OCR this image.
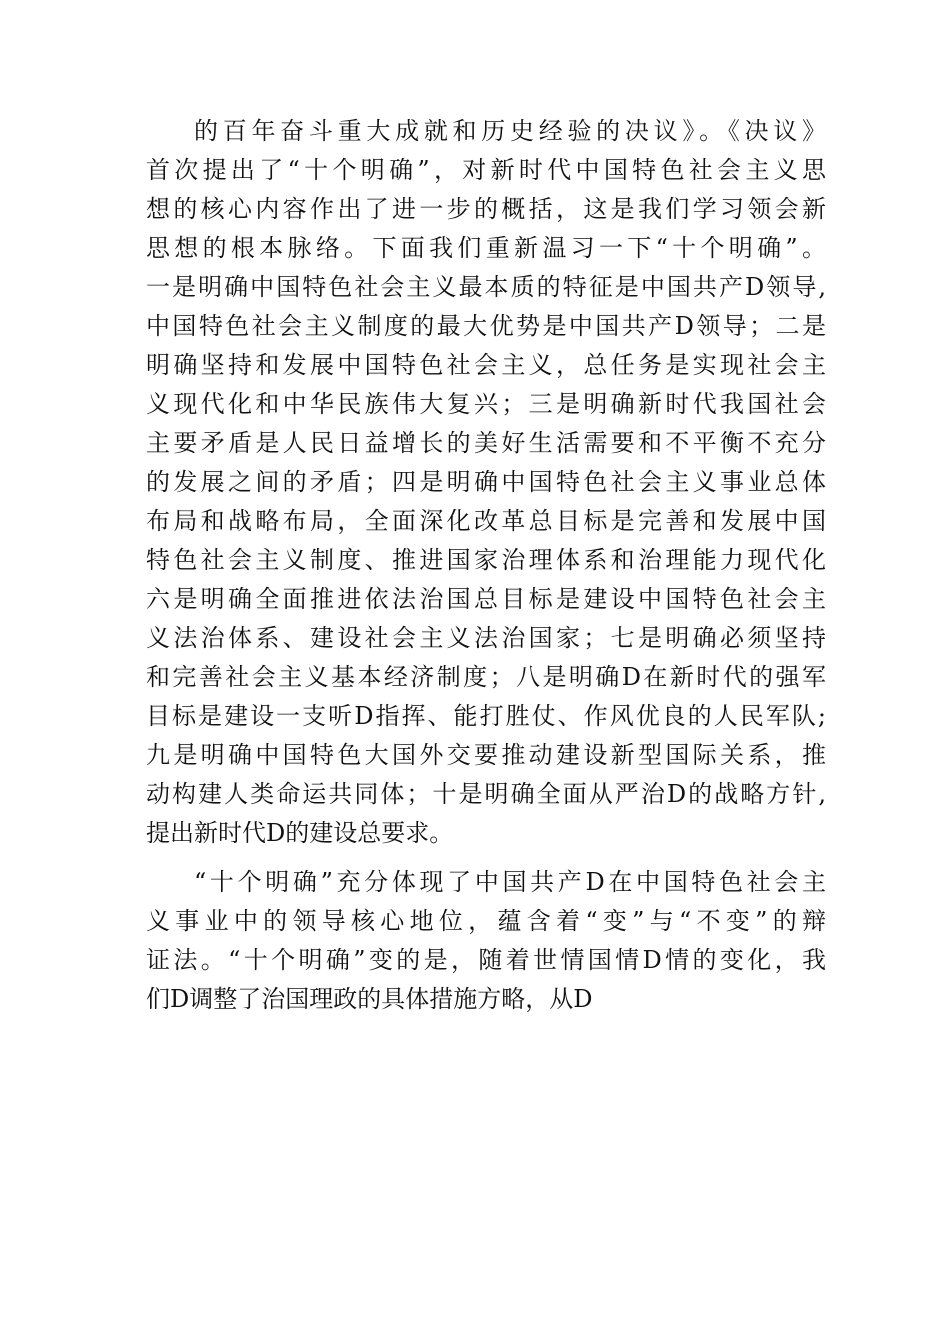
的百年奋斗重大成就和历史经验的决议》。《决议》
首次提出了“十个明确”，对新时代中国特色社会主义思
想的核心内容作出了进一步的概括，这是我们学习领会新
思想的根本脉络。下面我们重新温习一下“十个明确”。
一是明确中国特色社会主义最本质的特征是中国共产D领导,
中国特色社会主义制度的最大优势是中国共产D领导；二是
明确坚持和发展中国特色社会主义，总任务是实现社会主
义现代化和中华民族伟大复兴；三是明确新时代我国社会
主要矛盾是人民日益增长的美好生活需要和不平衡不充分
的发展之间的矛盾；四是明确中国特色社会主义事业总体
布局和战略布局，全面深化改革总目标是完善和发展中国
特色社会主义制度、推进国家治理体系和治理能力现代化
六是明确全面推进依法治国总目标是建设中国特色社会主
义法治体系、建设社会主义法治国家；七是明确必须坚持
和完善社会主义基本经济制度；八是明确D在新时代的强军
目标是建设一支听D指挥、能打胜仗、作风优良的人民军队;
九是明确中国特色大国外交要推动建设新型国际关系，推
动构建人类命运共同体；十是明确全面从严治D的战略方针,
提出新时代D的建设总要求。
“十个明确”充分体现了中国共产D在中国特色社会主
义事业中的领导核心地位，蕴含着“变”与“不变”的辩
证法。“十个明确”变的是，随着世情国情D情的变化，我
们D调整了治国理政的具体措施方略，从D
